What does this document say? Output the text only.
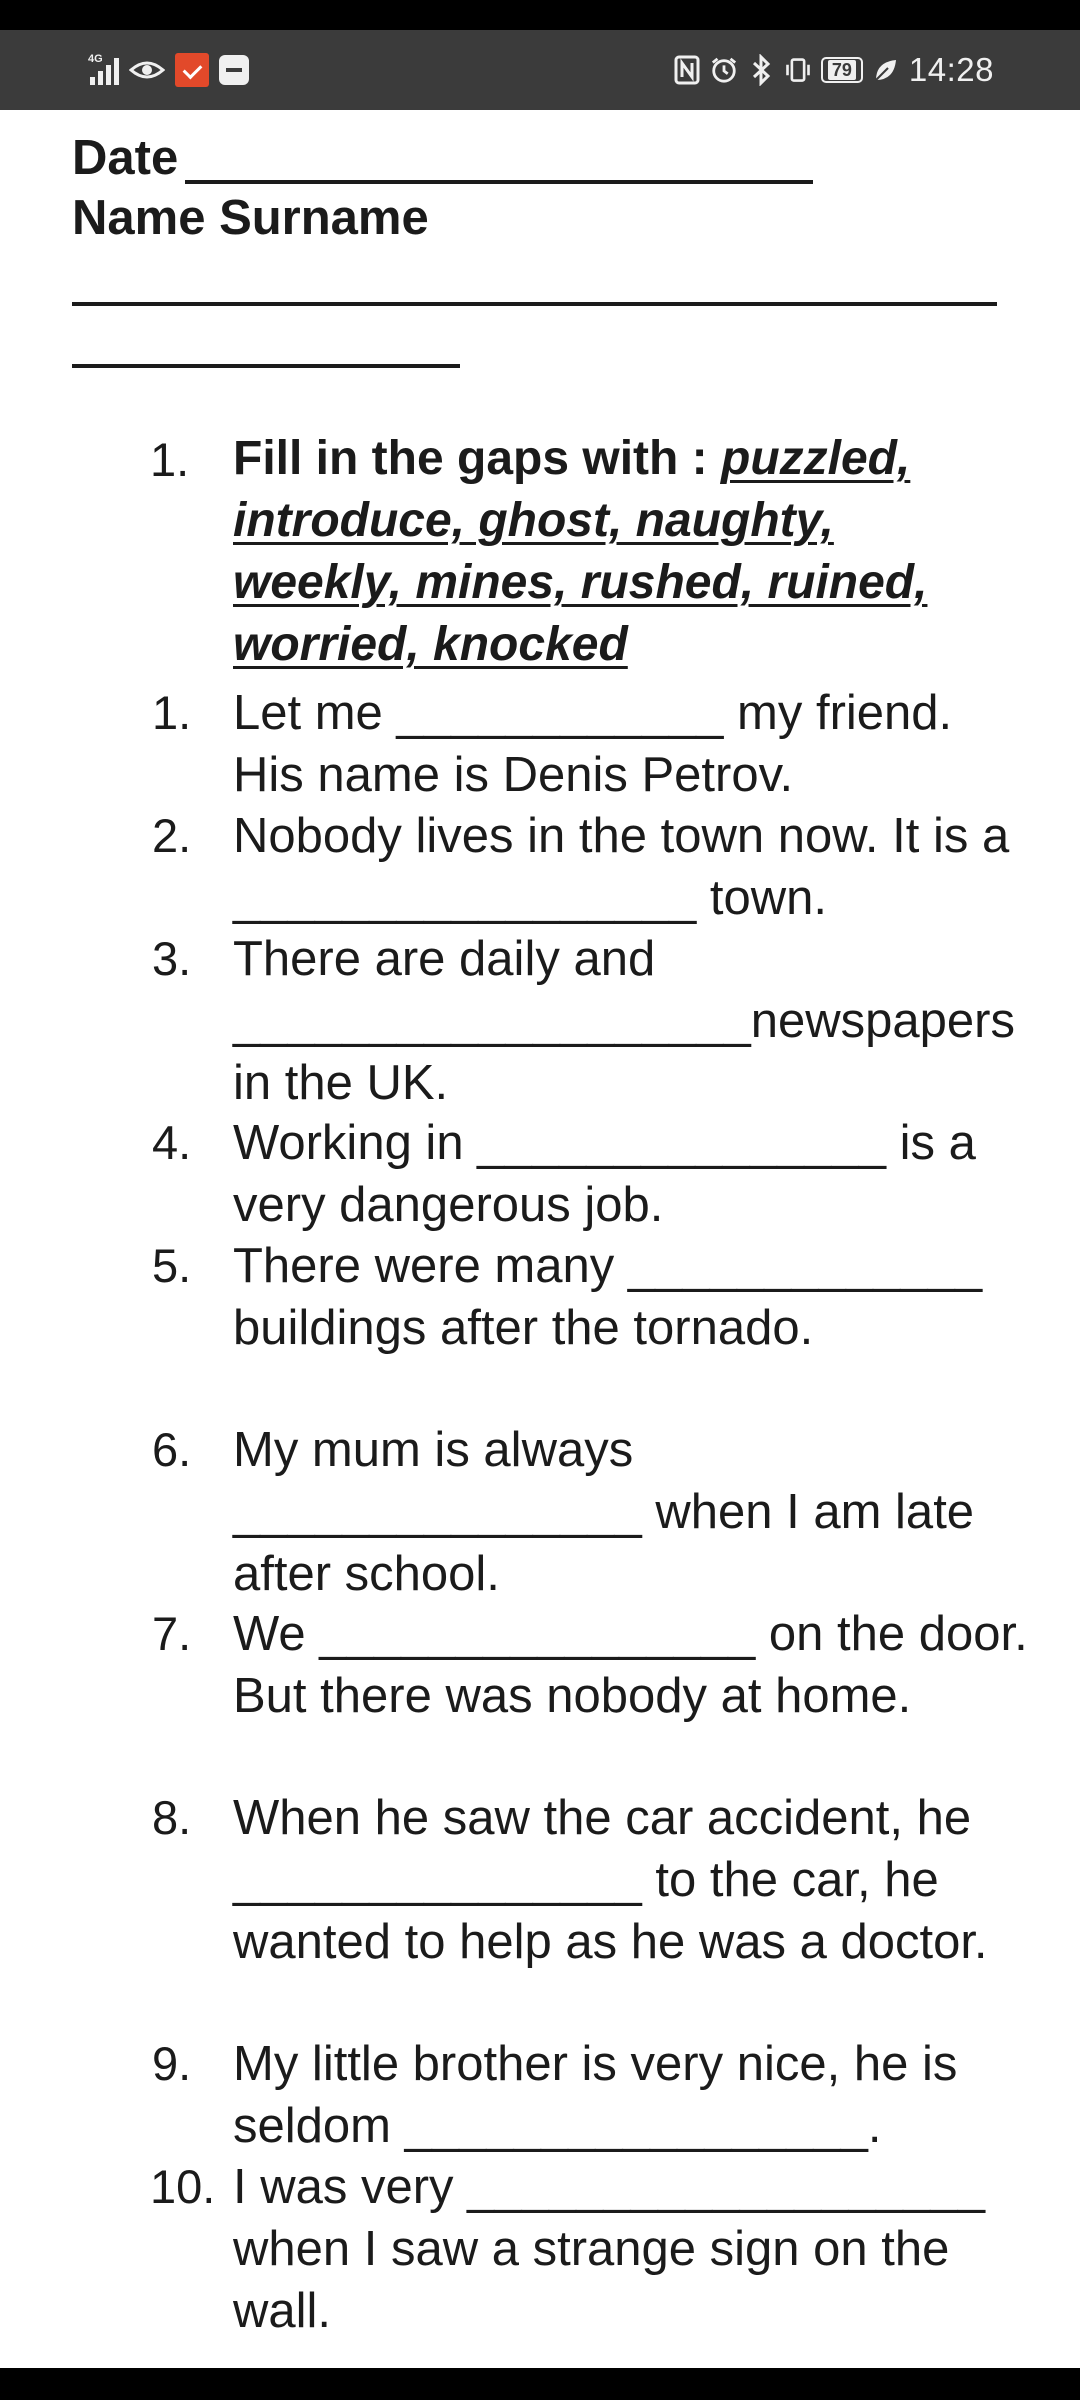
4G
79 14:28
Date
Name Surname
1. Fill in the gaps with : puzzled, introduce, ghost, naughty, weekly, mines, rushed, ruined, worried, knocked
1. Let me ____________ my friend. His name is Denis Petrov.
2. Nobody lives in the town now. It is a _________________ town.
3. There are daily and ___________________newspapers in the UK.
4. Working in _______________ is a very dangerous job.
5. There were many _____________ buildings after the tornado.
6. My mum is always _______________ when I am late after school.
7. We ________________ on the door. But there was nobody at home.
8. When he saw the car accident, he _______________ to the car, he wanted to help as he was a doctor.
9. My little brother is very nice, he is seldom _________________.
10. I was very ___________________ when I saw a strange sign on the wall.
